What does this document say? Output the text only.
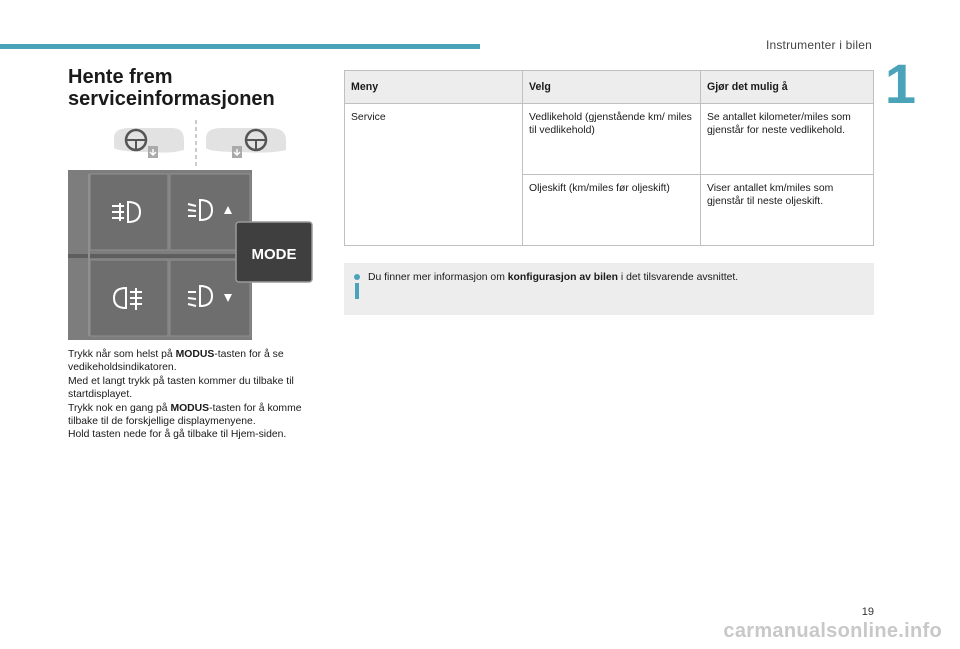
Instrumenter i bilen
1
Hente frem
serviceinformasjonen
MODE

Trykk når som helst på MODUS-tasten for å se vedikeholdsindikatoren.

Med et langt trykk på tasten kommer du tilbake til startdisplayet.

Trykk nok en gang på MODUS-tasten for å komme tilbake til de forskjellige displaymenyene.

Hold tasten nede for å gå tilbake til Hjem-siden.

Meny	Velg	Gjør det mulig å
Service	Vedlikehold (gjenstående km/ miles til vedlikehold)	Se antallet kilometer/miles som gjenstår for neste vedlikehold.
	Oljeskift (km/miles før oljeskift)	Viser antallet km/miles som gjenstår til neste oljeskift.
Du finner mer informasjon om konfigurasjon av bilen i det tilsvarende avsnittet.
19
carmanualsonline.info
